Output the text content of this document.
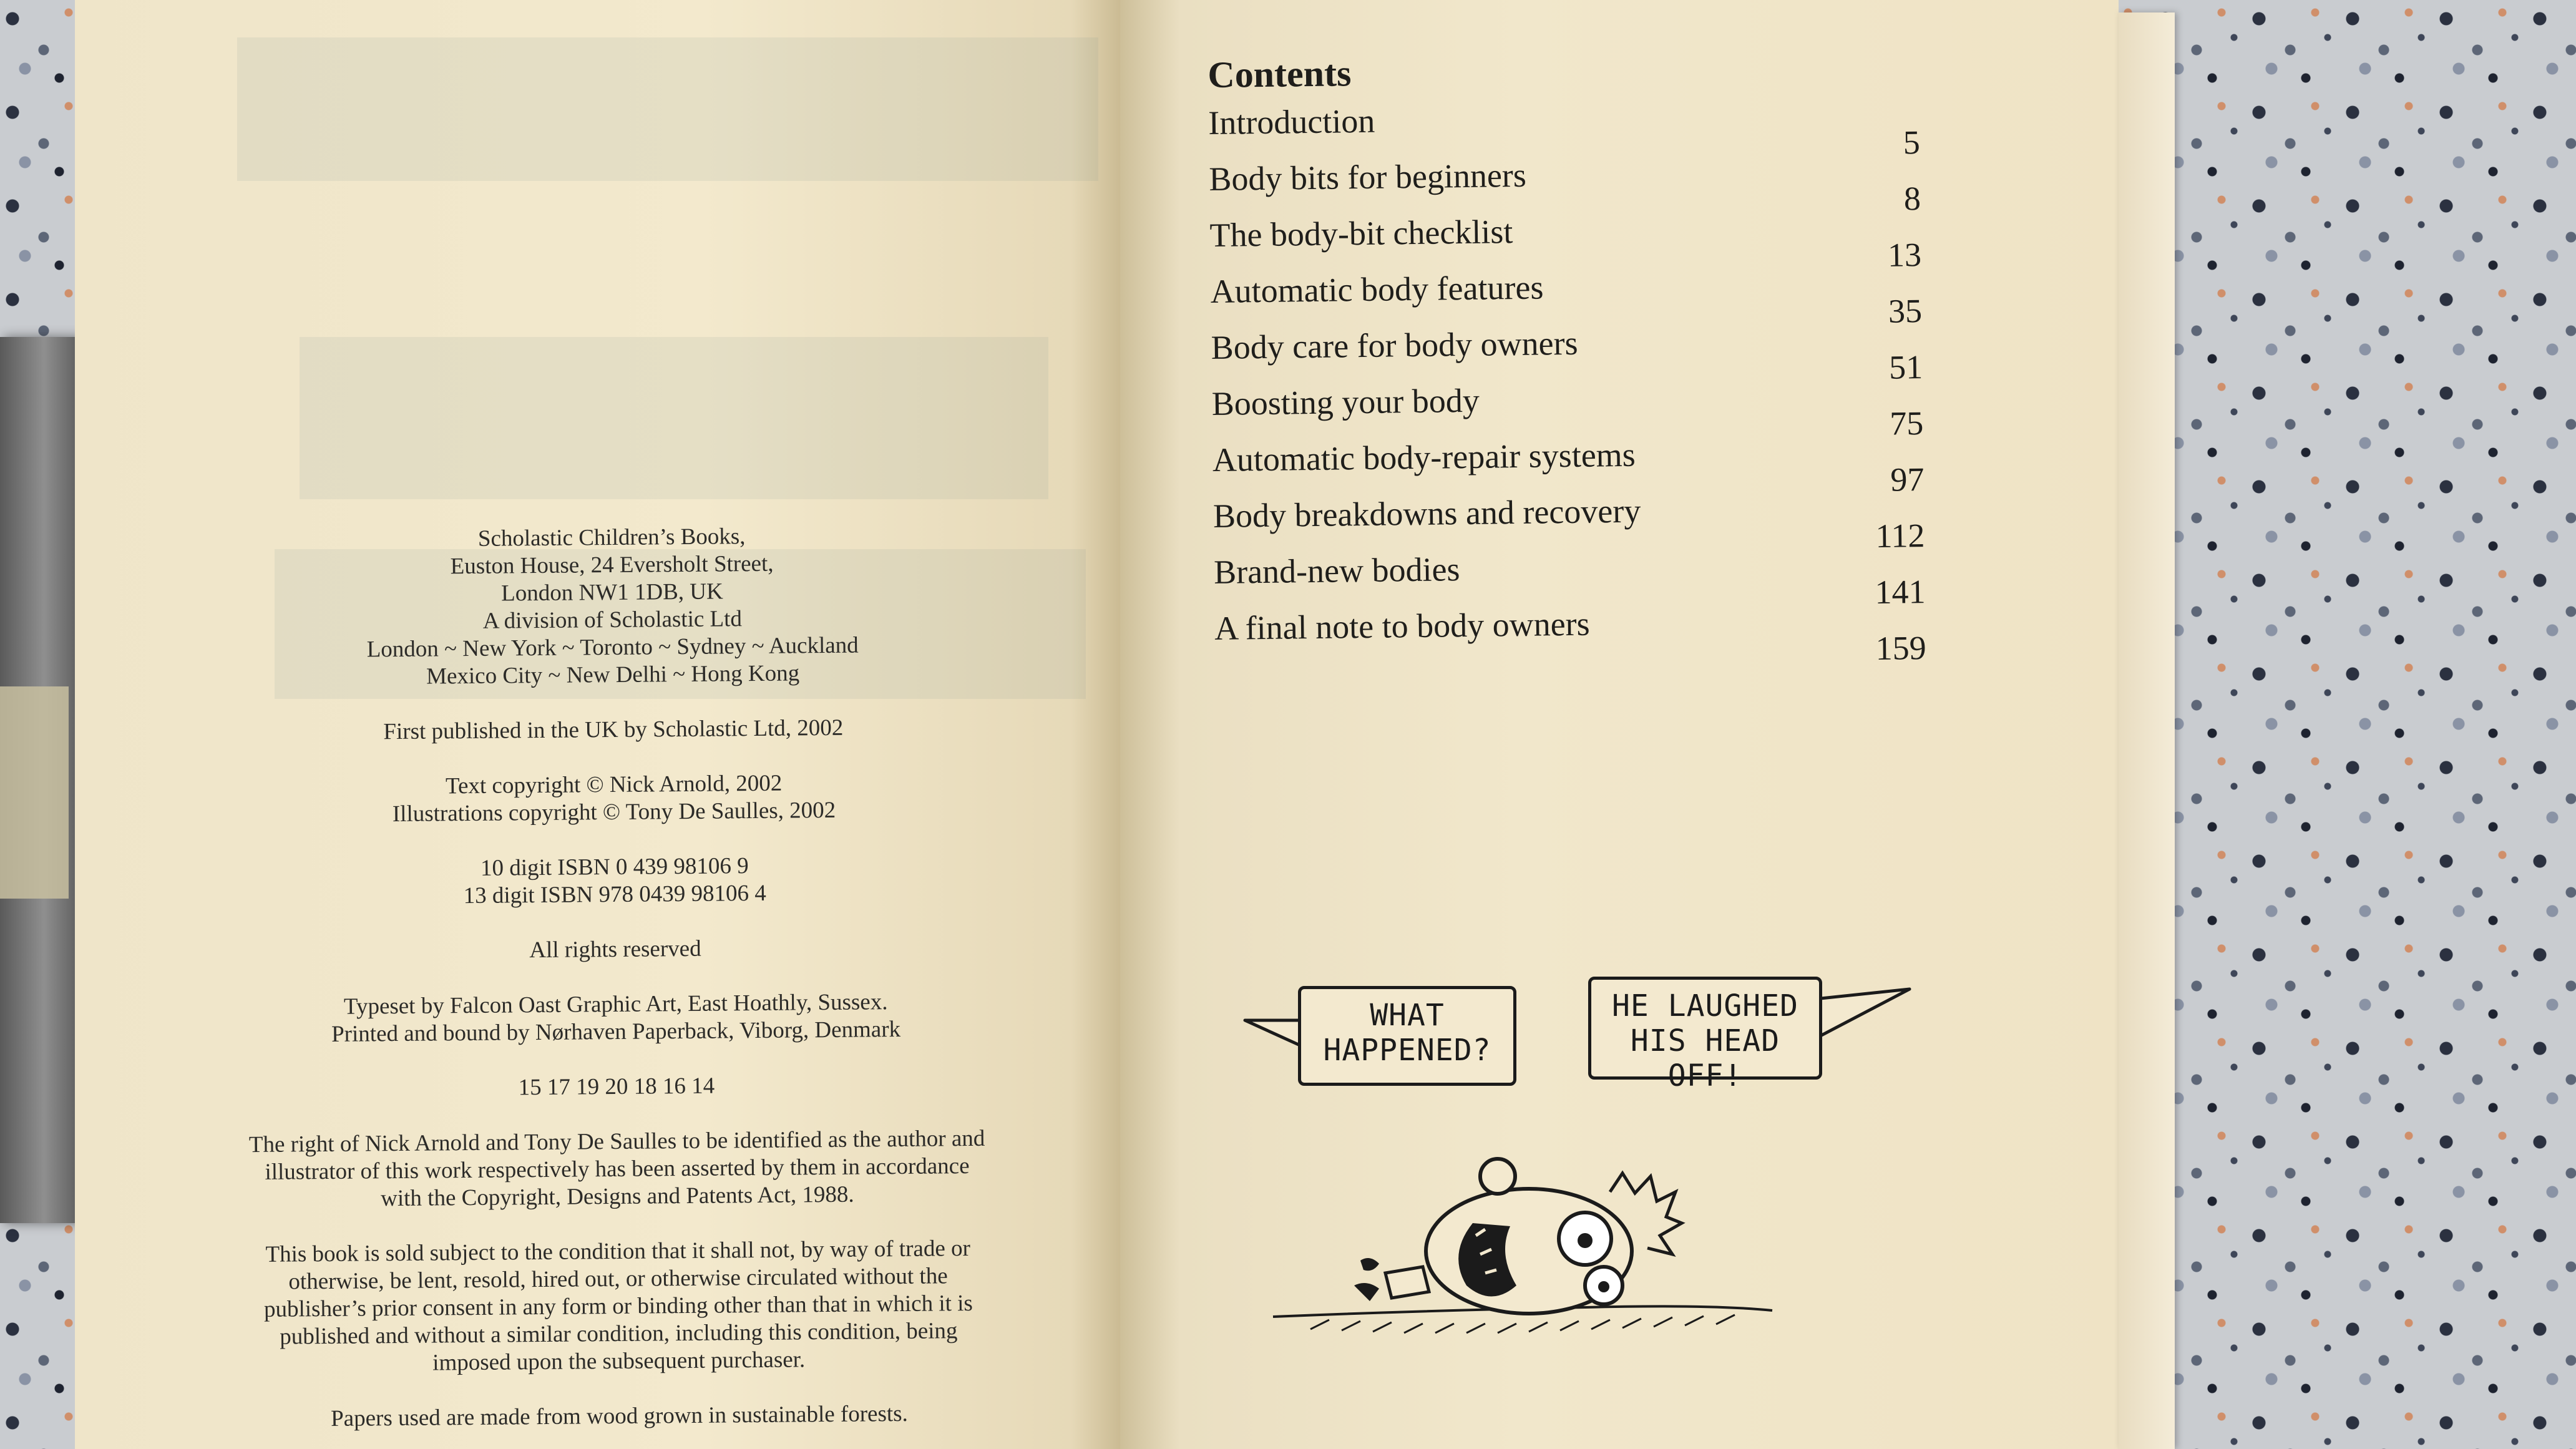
Scholastic Children’s Books,
Euston House, 24 Eversholt Street,
London NW1 1DB, UK
A division of Scholastic Ltd
London ~ New York ~ Toronto ~ Sydney ~ Auckland
Mexico City ~ New Delhi ~ Hong Kong
First published in the UK by Scholastic Ltd, 2002
Text copyright © Nick Arnold, 2002
Illustrations copyright © Tony De Saulles, 2002
10 digit ISBN 0 439 98106 9
13 digit ISBN 978 0439 98106 4
All rights reserved
Typeset by Falcon Oast Graphic Art, East Hoathly, Sussex.
Printed and bound by Nørhaven Paperback, Viborg, Denmark
15 17 19 20 18 16 14
The right of Nick Arnold and Tony De Saulles to be identified as the author and
illustrator of this work respectively has been asserted by them in accordance
with the Copyright, Designs and Patents Act, 1988.
This book is sold subject to the condition that it shall not, by way of trade or
otherwise, be lent, resold, hired out, or otherwise circulated without the
publisher’s prior consent in any form or binding other than that in which it is
published and without a similar condition, including this condition, being
imposed upon the subsequent purchaser.
Papers used are made from wood grown in sustainable forests.
Contents
Introduction
5
Body bits for beginners
8
The body-bit checklist
13
Automatic body features
35
Body care for body owners
51
Boosting your body
75
Automatic body-repair systems
97
Body breakdowns and recovery
112
Brand-new bodies
141
A final note to body owners
159
WHAT
HAPPENED?
HE LAUGHED
HIS HEAD OFF!
